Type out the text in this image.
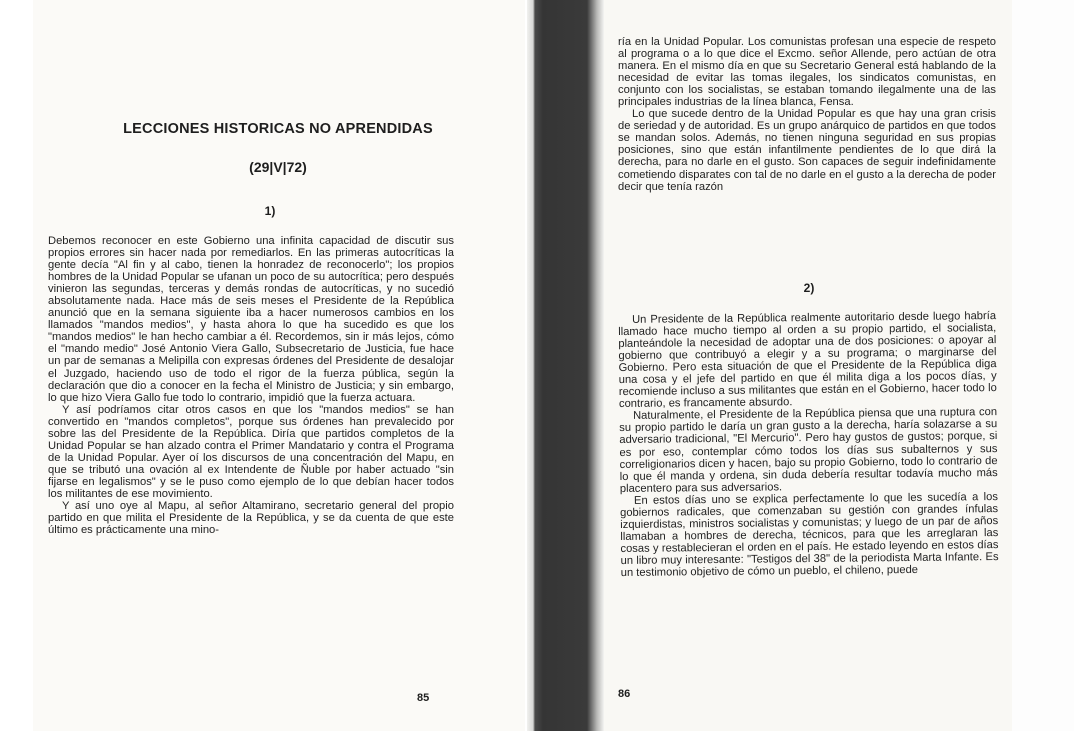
LECCIONES HISTORICAS NO APRENDIDAS
(29|V|72)
1)

Debemos reconocer en este Gobierno una infinita capacidad de discutir sus propios errores sin hacer nada por remediarlos. En las primeras autocríticas la gente decía "Al fin y al cabo, tienen la honradez de reconocerlo"; los propios hombres de la Unidad Popular se ufanan un poco de su autocrítica; pero después vinieron las segundas, terceras y demás rondas de autocríticas, y no sucedió absolutamente nada. Hace más de seis meses el Presidente de la República anunció que en la semana siguiente iba a hacer numerosos cambios en los llamados "mandos medios", y hasta ahora lo que ha sucedido es que los "mandos medios" le han hecho cambiar a él. Recordemos, sin ir más lejos, cómo el "mando medio" José Antonio Viera Gallo, Subsecretario de Justicia, fue hace un par de semanas a Melipilla con expresas órdenes del Presidente de desalojar el Juzgado, haciendo uso de todo el rigor de la fuerza pública, según la declaración que dio a conocer en la fecha el Ministro de Justicia; y sin embargo, lo que hizo Viera Gallo fue todo lo contrario, impidió que la fuerza actuara.

Y así podríamos citar otros casos en que los "mandos medios" se han convertido en "mandos completos", porque sus órdenes han prevalecido por sobre las del Presidente de la República. Diría que partidos completos de la Unidad Popular se han alzado contra el Primer Mandatario y contra el Programa de la Unidad Popular. Ayer oí los discursos de una concentración del Mapu, en que se tributó una ovación al ex Intendente de Ñuble por haber actuado "sin fijarse en legalismos" y se le puso como ejemplo de lo que debían hacer todos los militantes de ese movimiento.

Y así uno oye al Mapu, al señor Altamirano, secretario general del propio partido en que milita el Presidente de la República, y se da cuenta de que este último es prácticamente una mino-

85

ría en la Unidad Popular. Los comunistas profesan una especie de respeto al programa o a lo que dice el Excmo. señor Allende, pero actúan de otra manera. En el mismo día en que su Secretario General está hablando de la necesidad de evitar las tomas ilegales, los sindicatos comunistas, en conjunto con los socialistas, se estaban tomando ilegalmente una de las principales industrias de la línea blanca, Fensa.

Lo que sucede dentro de la Unidad Popular es que hay una gran crisis de seriedad y de autoridad. Es un grupo anárquico de partidos en que todos se mandan solos. Además, no tienen ninguna seguridad en sus propias posiciones, sino que están infantilmente pendientes de lo que dirá la derecha, para no darle en el gusto. Son capaces de seguir indefinidamente cometiendo disparates con tal de no darle en el gusto a la derecha de poder decir que tenía razón

2)

Un Presidente de la República realmente autoritario desde luego habría llamado hace mucho tiempo al orden a su propio partido, el socialista, planteándole la necesidad de adoptar una de dos posiciones: o apoyar al gobierno que contribuyó a elegir y a su programa; o marginarse del Gobierno. Pero esta situación de que el Presidente de la República diga una cosa y el jefe del partido en que él milita diga a los pocos días, y recomiende incluso a sus militantes que están en el Gobierno, hacer todo lo contrario, es francamente absurdo.

Naturalmente, el Presidente de la República piensa que una ruptura con su propio partido le daría un gran gusto a la derecha, haría solazarse a su adversario tradicional, "El Mercurio". Pero hay gustos de gustos; porque, si es por eso, contemplar cómo todos los días sus subalternos y sus correligionarios dicen y hacen, bajo su propio Gobierno, todo lo contrario de lo que él manda y ordena, sin duda debería resultar todavía mucho más placentero para sus adversarios.

En estos días uno se explica perfectamente lo que les sucedía a los gobiernos radicales, que comenzaban su gestión con grandes ínfulas izquierdistas, ministros socialistas y comunistas; y luego de un par de años llamaban a hombres de derecha, técnicos, para que les arreglaran las cosas y restablecieran el orden en el país. He estado leyendo en estos días un libro muy interesante: "Testigos del 38" de la periodista Marta Infante. Es un testimonio objetivo de cómo un pueblo, el chileno, puede

86
